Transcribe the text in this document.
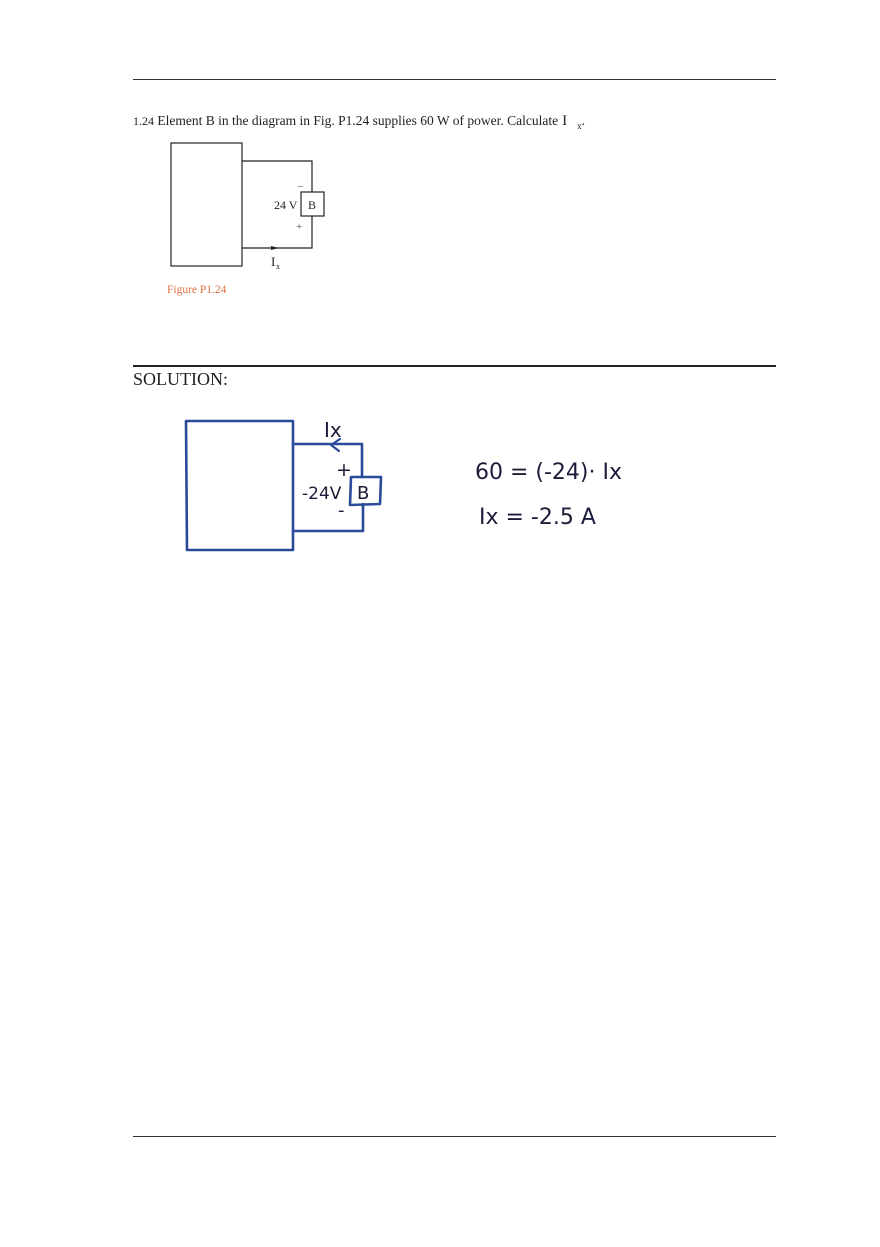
1.24 Element B in the diagram in Fig. P1.24 supplies 60 W of power. Calculate I $_x$.
B
24 V
−
+
I x
Figure P1.24
SOLUTION:
Ix
+
-24V B
-
60 = (-24)· Ix
Ix = -2.5 A
